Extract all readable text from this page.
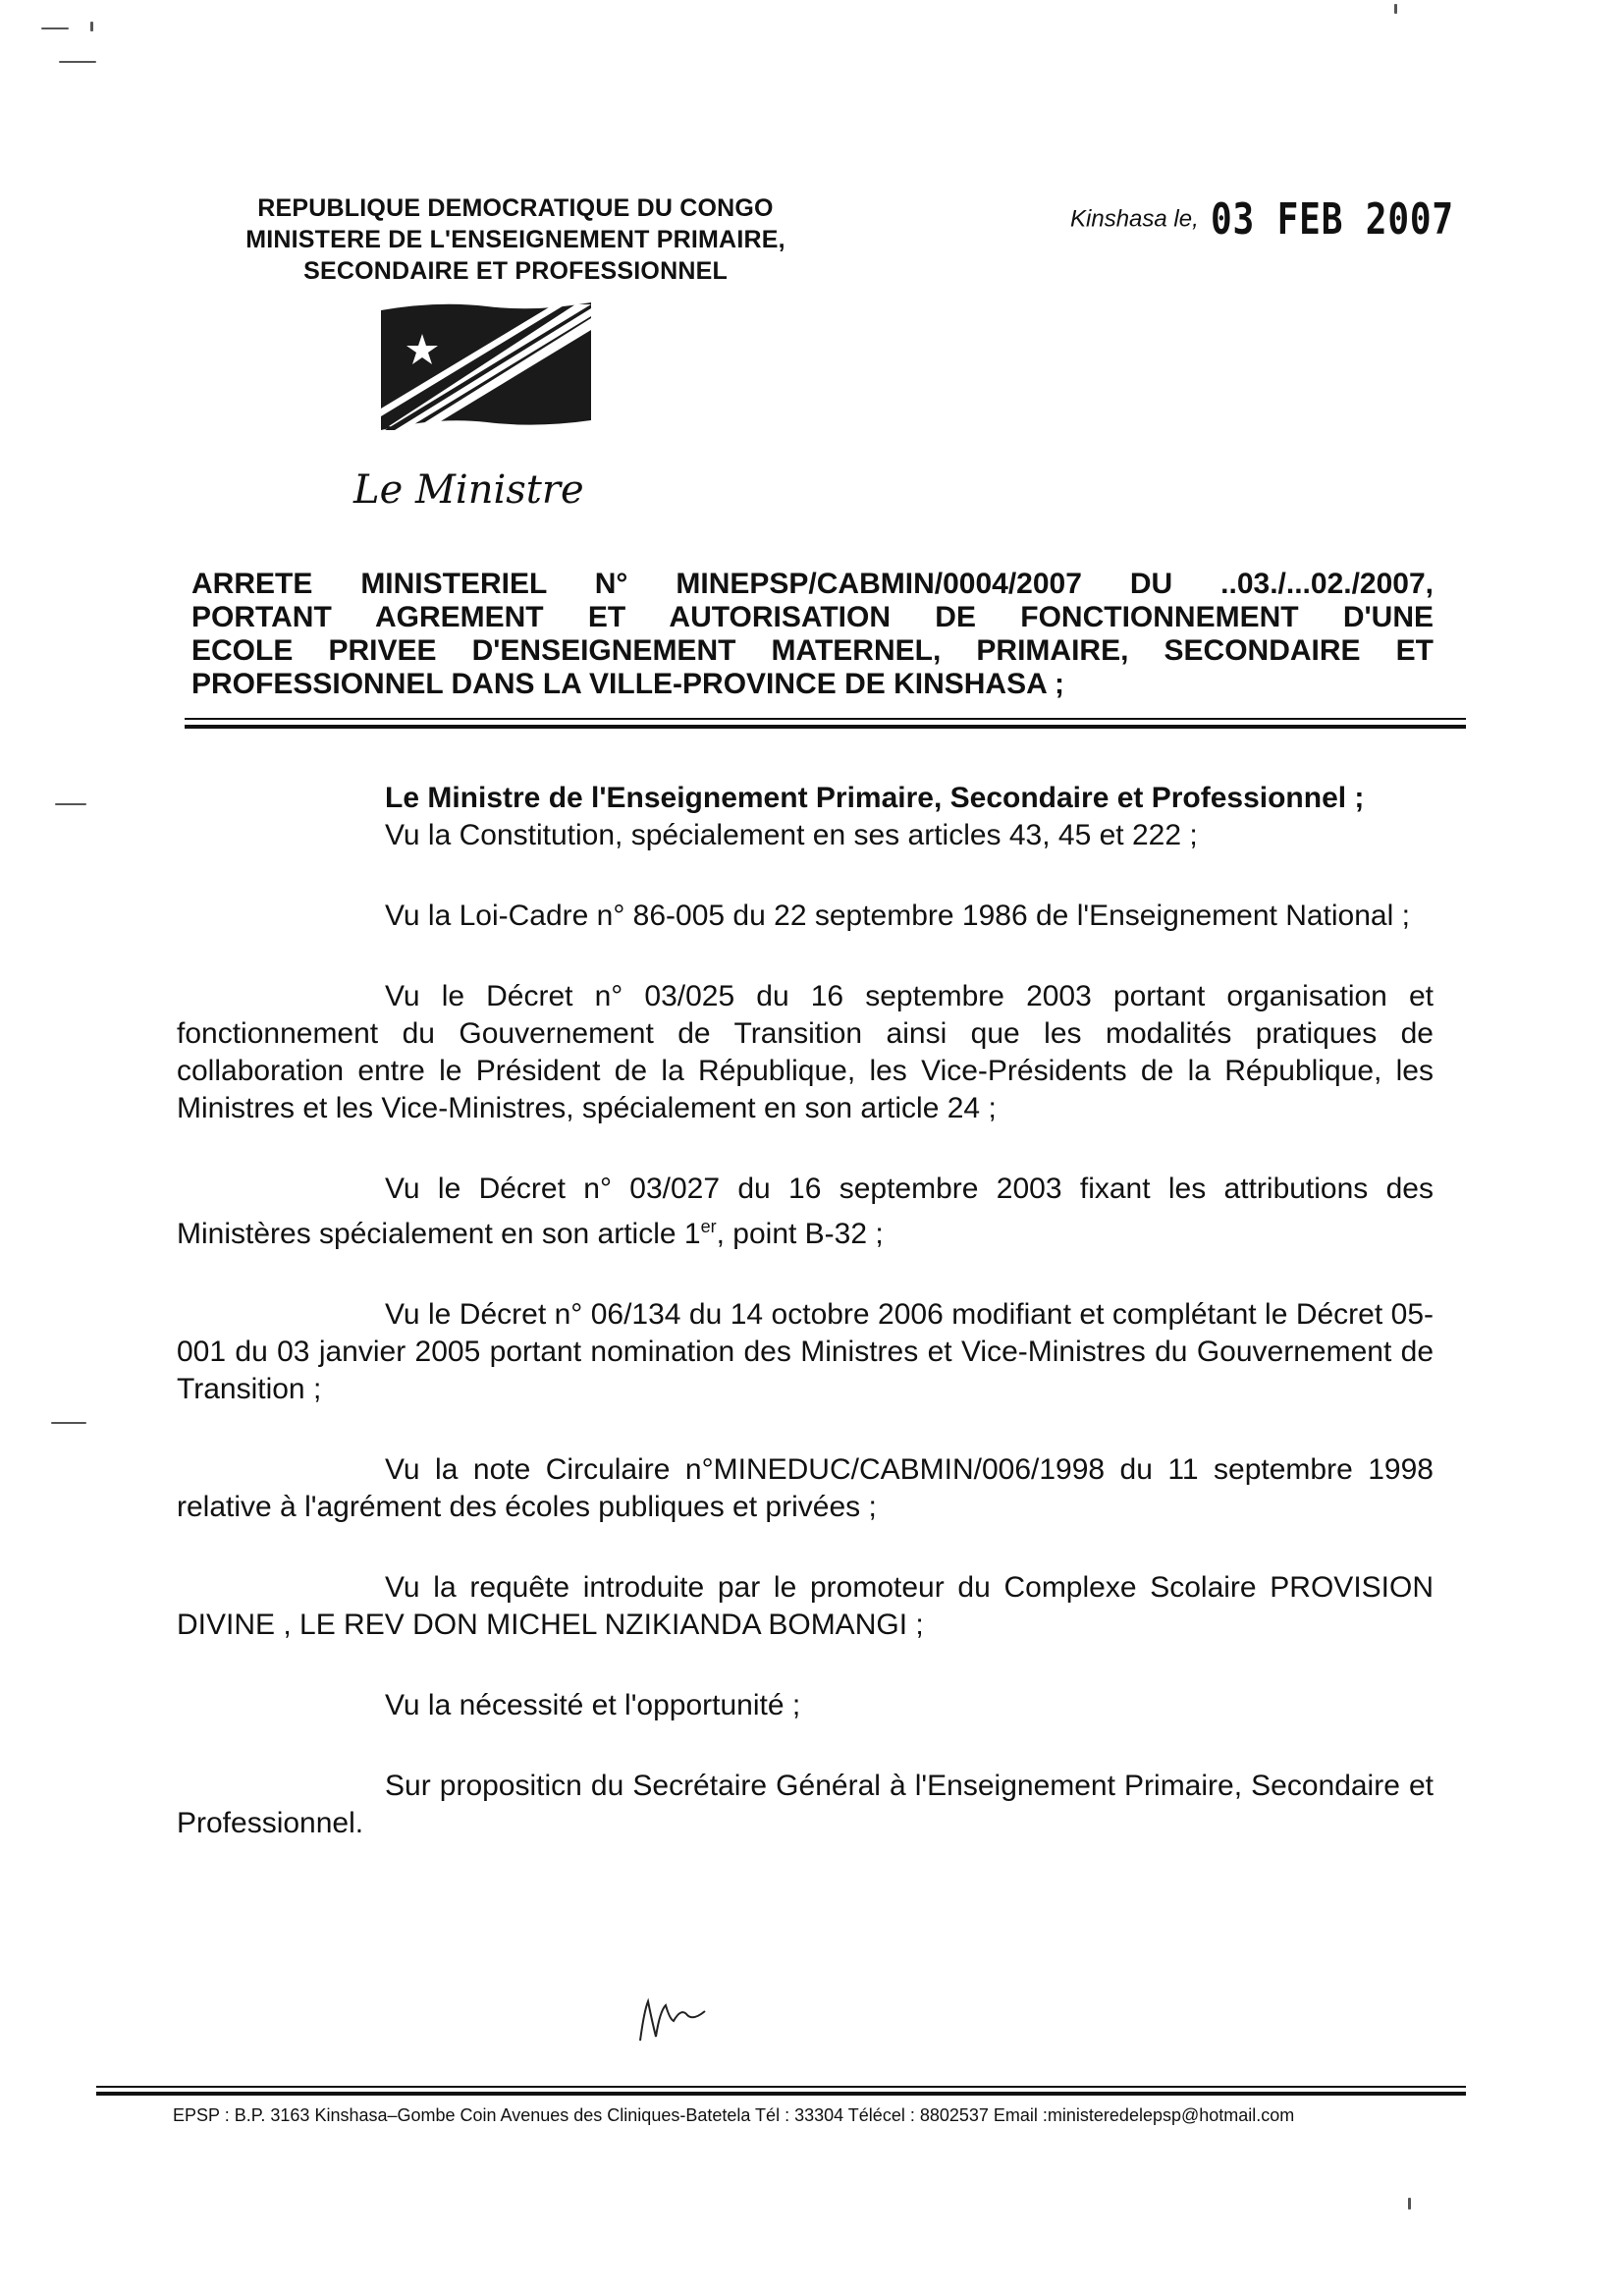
REPUBLIQUE DEMOCRATIQUE DU CONGO
MINISTERE DE L'ENSEIGNEMENT PRIMAIRE,
SECONDAIRE ET PROFESSIONNEL
Kinshasa le, 03 FEB 2007
Le Ministre
ARRETE MINISTERIEL N° MINEPSP/CABMIN/0004/2007 DU ..03./...02./2007,
PORTANT AGREMENT ET AUTORISATION DE FONCTIONNEMENT D'UNE
ECOLE PRIVEE D'ENSEIGNEMENT MATERNEL, PRIMAIRE, SECONDAIRE ET
PROFESSIONNEL DANS LA VILLE-PROVINCE DE KINSHASA ;

Le Ministre de l'Enseignement Primaire, Secondaire et Professionnel ;

Vu la Constitution, spécialement en ses articles 43, 45 et 222 ;

Vu la Loi-Cadre n° 86-005 du 22 septembre 1986 de l'Enseignement National ;

Vu le Décret n° 03/025 du 16 septembre 2003 portant organisation et fonctionnement du Gouvernement de Transition ainsi que les modalités pratiques de collaboration entre le Président de la République, les Vice-Présidents de la République, les Ministres et les Vice-Ministres, spécialement en son article 24 ;

Vu le Décret n° 03/027 du 16 septembre 2003 fixant les attributions des Ministères spécialement en son article 1er, point B-32 ;

Vu le Décret n° 06/134 du 14 octobre 2006 modifiant et complétant le Décret 05-001 du 03 janvier 2005 portant nomination des Ministres et Vice-Ministres du Gouvernement de Transition ;

Vu la note Circulaire n°MINEDUC/CABMIN/006/1998 du 11 septembre 1998 relative à l'agrément des écoles publiques et privées ;

Vu la requête introduite par le promoteur du Complexe Scolaire PROVISION DIVINE , LE REV DON MICHEL NZIKIANDA BOMANGI ;

Vu la nécessité et l'opportunité ;

Sur propositicn du Secrétaire Général à l'Enseignement Primaire, Secondaire et Professionnel.

EPSP : B.P. 3163 Kinshasa–Gombe Coin Avenues des Cliniques-Batetela Tél : 33304 Télécel : 8802537 Email :ministeredelepsp@hotmail.com
